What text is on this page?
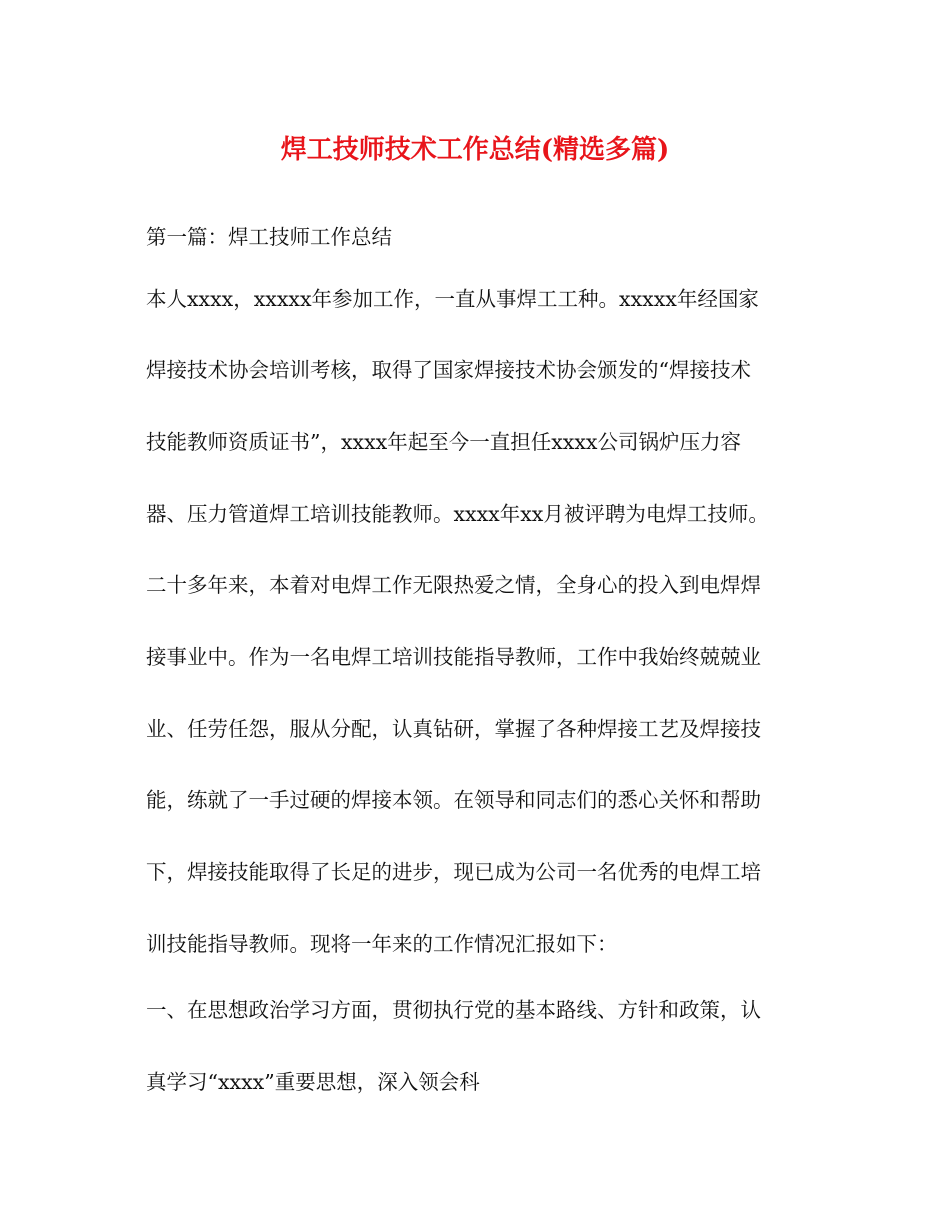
焊工技师技术工作总结(精选多篇)
第一篇：焊工技师工作总结
本人xxxx，xxxxx年参加工作，一直从事焊工工种。xxxxx年经国家
焊接技术协会培训考核，取得了国家焊接技术协会颁发的“焊接技术
技能教师资质证书”，xxxx年起至今一直担任xxxx公司锅炉压力容
器、压力管道焊工培训技能教师。xxxx年xx月被评聘为电焊工技师。
二十多年来，本着对电焊工作无限热爱之情，全身心的投入到电焊焊
接事业中。作为一名电焊工培训技能指导教师，工作中我始终兢兢业
业、任劳任怨，服从分配，认真钻研，掌握了各种焊接工艺及焊接技
能，练就了一手过硬的焊接本领。在领导和同志们的悉心关怀和帮助
下，焊接技能取得了长足的进步，现已成为公司一名优秀的电焊工培
训技能指导教师。现将一年来的工作情况汇报如下：
一、在思想政治学习方面，贯彻执行党的基本路线、方针和政策，认
真学习“xxxx”重要思想，深入领会科
